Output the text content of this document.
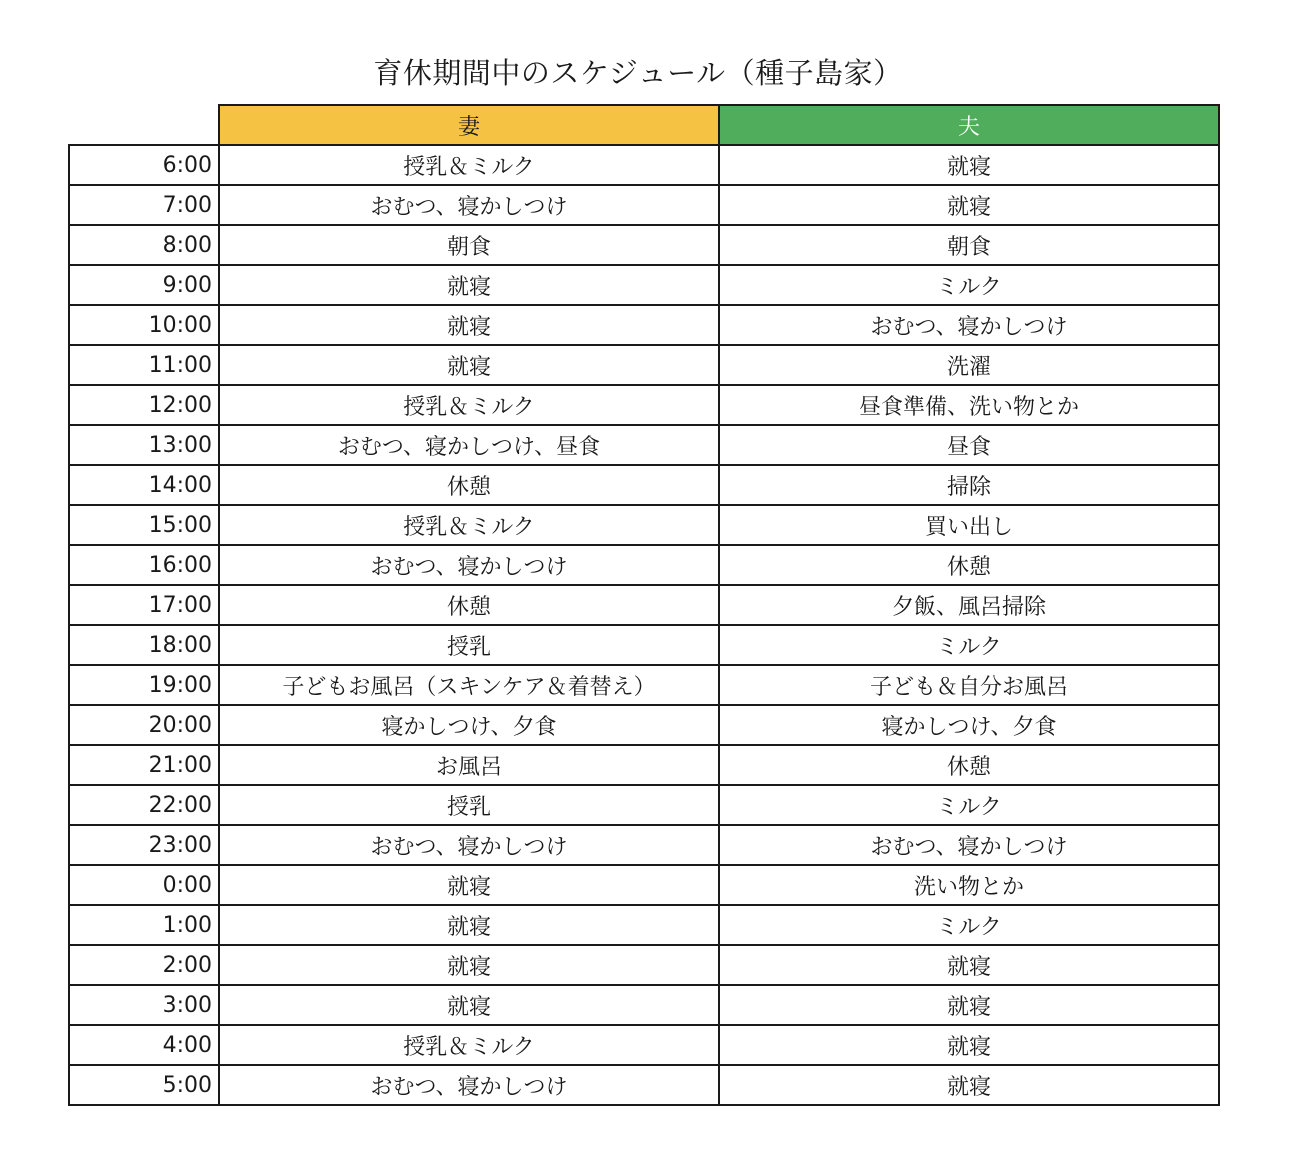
育休期間中のスケジュール（種子島家）
	妻	夫
6:00	授乳＆ミルク	就寝
7:00	おむつ、寝かしつけ	就寝
8:00	朝食	朝食
9:00	就寝	ミルク
10:00	就寝	おむつ、寝かしつけ
11:00	就寝	洗濯
12:00	授乳＆ミルク	昼食準備、洗い物とか
13:00	おむつ、寝かしつけ、昼食	昼食
14:00	休憩	掃除
15:00	授乳＆ミルク	買い出し
16:00	おむつ、寝かしつけ	休憩
17:00	休憩	夕飯、風呂掃除
18:00	授乳	ミルク
19:00	子どもお風呂（スキンケア＆着替え）	子ども＆自分お風呂
20:00	寝かしつけ、夕食	寝かしつけ、夕食
21:00	お風呂	休憩
22:00	授乳	ミルク
23:00	おむつ、寝かしつけ	おむつ、寝かしつけ
0:00	就寝	洗い物とか
1:00	就寝	ミルク
2:00	就寝	就寝
3:00	就寝	就寝
4:00	授乳＆ミルク	就寝
5:00	おむつ、寝かしつけ	就寝
